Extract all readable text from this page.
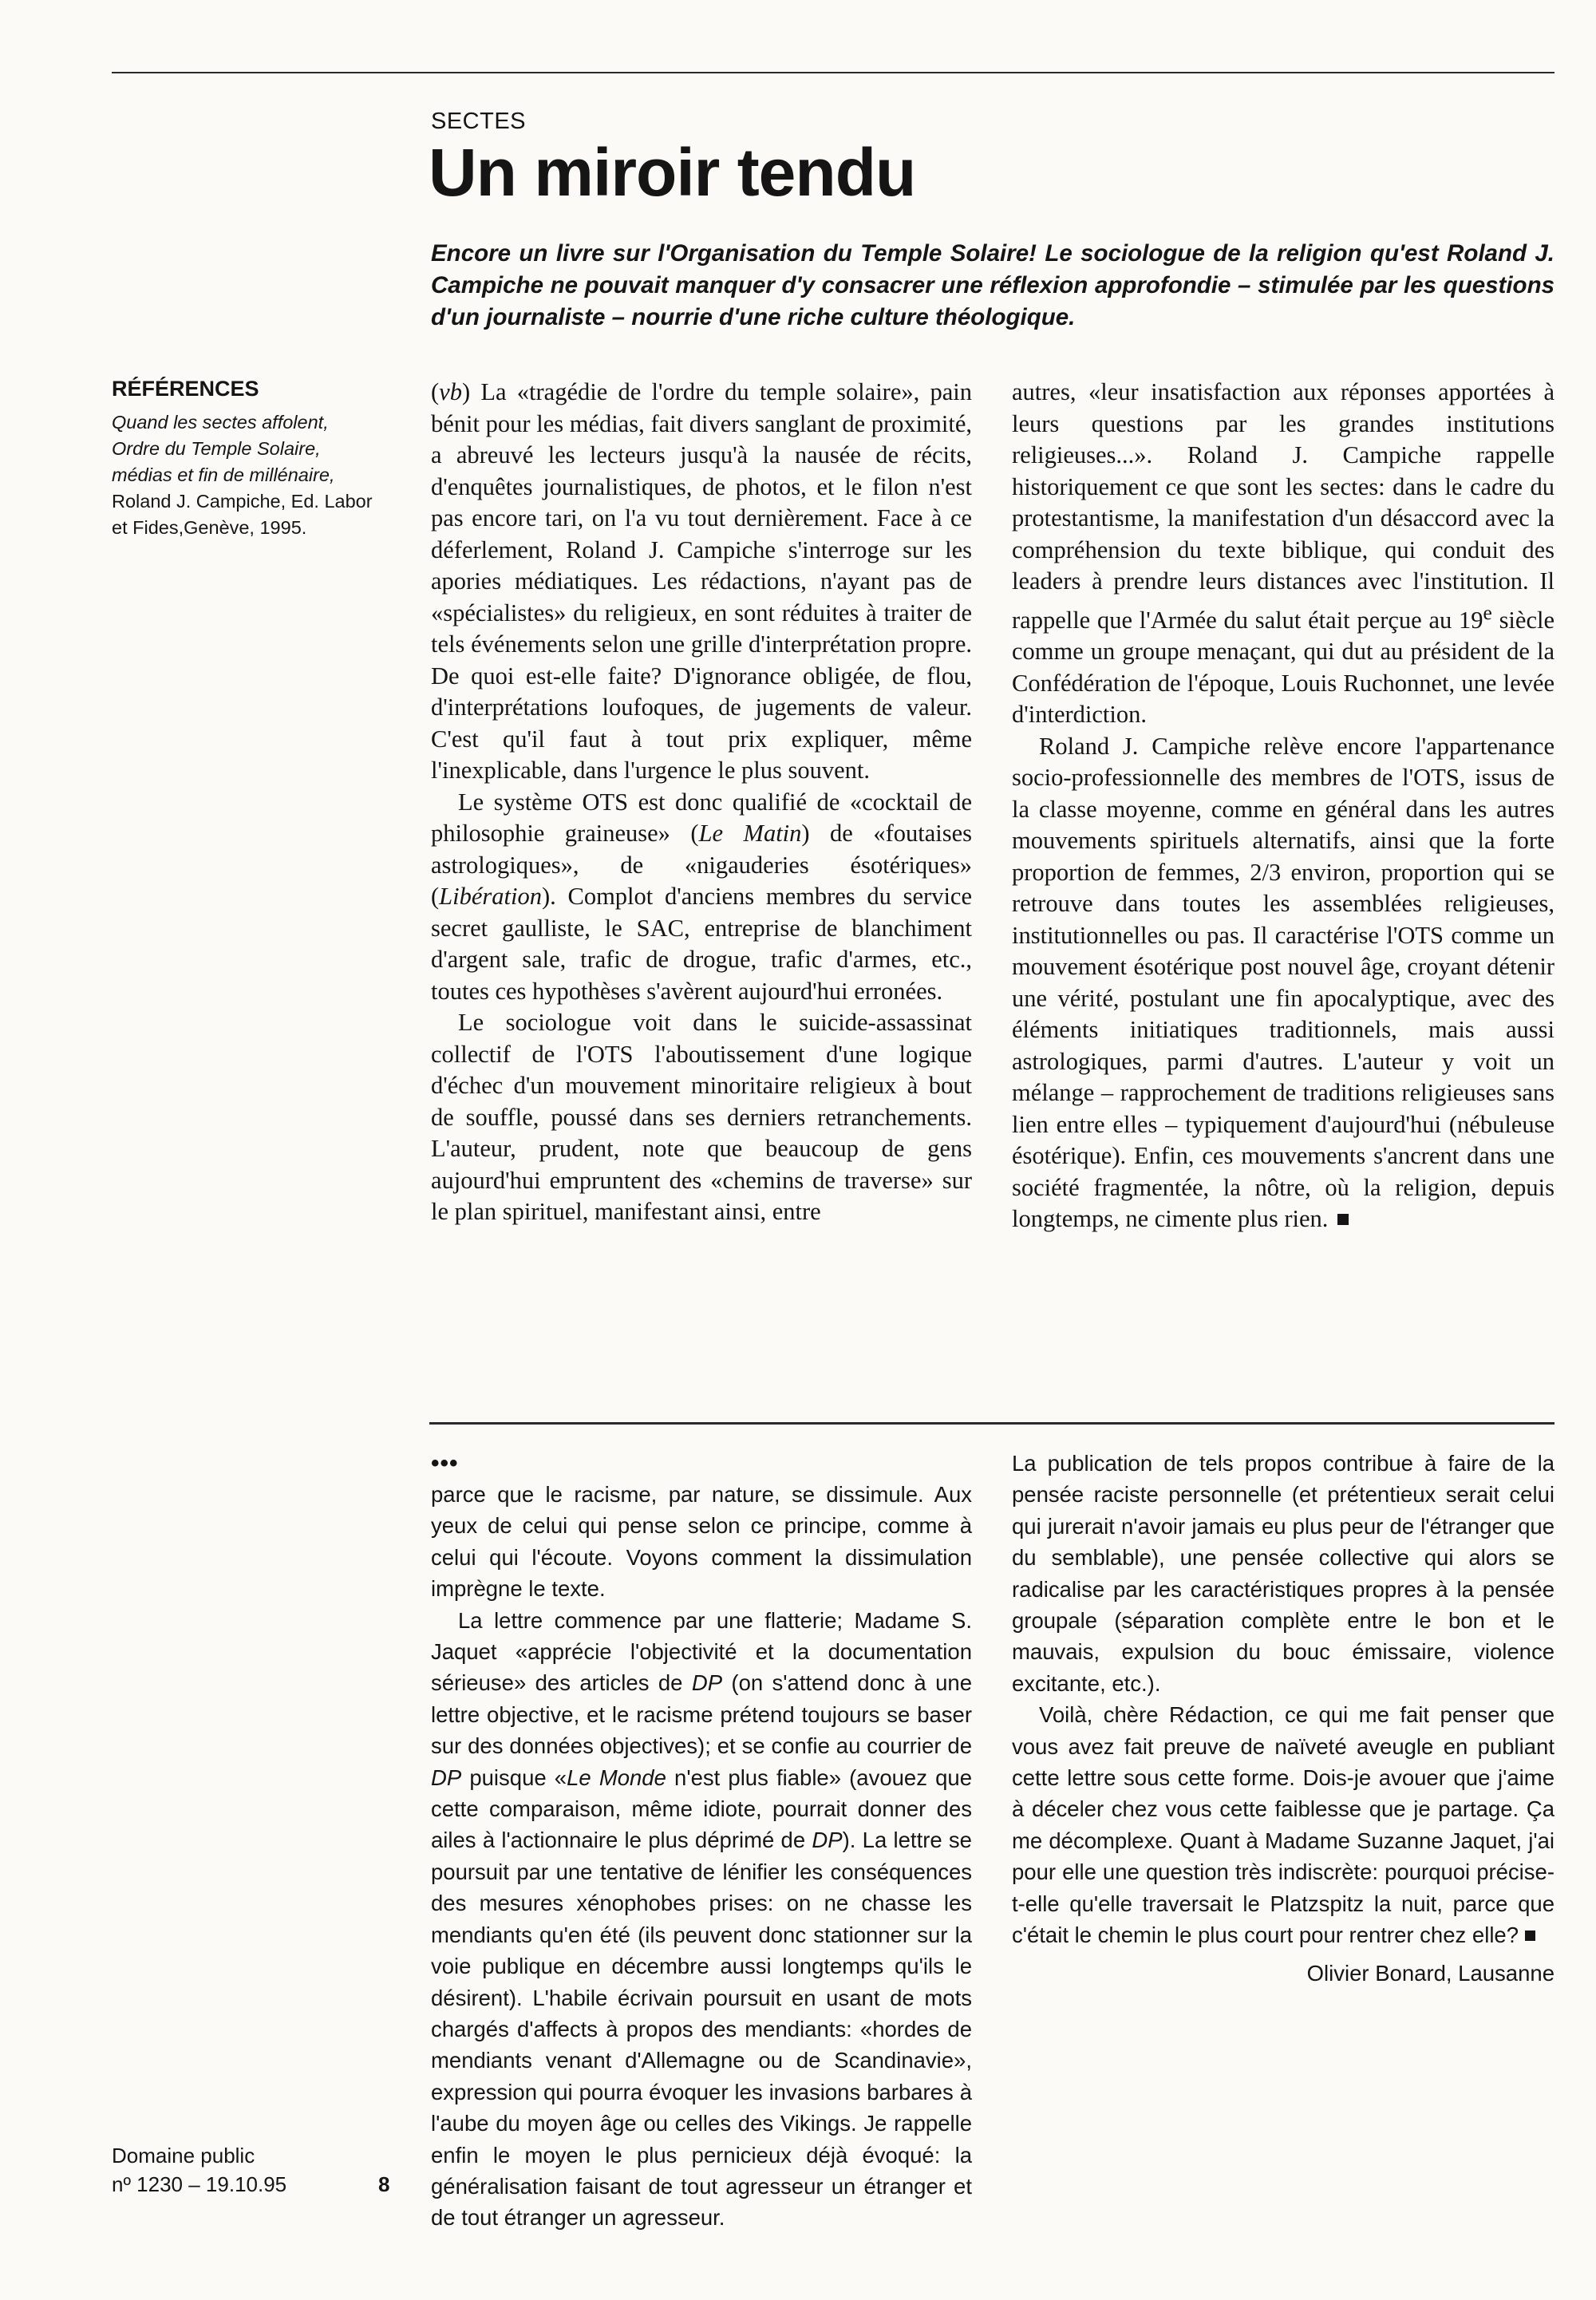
SECTES
Un miroir tendu

Encore un livre sur l'Organisation du Temple Solaire! Le sociologue de la religion qu'est Roland J. Campiche ne pouvait manquer d'y consacrer une réflexion approfondie – stimulée par les questions d'un journaliste – nourrie d'une riche culture théologique.

RÉFÉRENCES
Quand les sectes affolent, Ordre du Temple Solaire, médias et fin de millénaire, Roland J. Campiche, Ed. Labor et Fides,Genève, 1995.

(vb) La «tragédie de l'ordre du temple solaire», pain bénit pour les médias, fait divers sanglant de proximité, a abreuvé les lecteurs jusqu'à la nausée de récits, d'enquêtes journalistiques, de photos, et le filon n'est pas encore tari, on l'a vu tout dernièrement. Face à ce déferlement, Roland J. Campiche s'interroge sur les apories médiatiques. Les rédactions, n'ayant pas de «spécialistes» du religieux, en sont réduites à traiter de tels événements selon une grille d'interprétation propre. De quoi est-elle faite? D'ignorance obligée, de flou, d'interprétations loufoques, de jugements de valeur. C'est qu'il faut à tout prix expliquer, même l'inexplicable, dans l'urgence le plus souvent.

Le système OTS est donc qualifié de «cocktail de philosophie graineuse» (Le Matin) de «foutaises astrologiques», de «nigauderies ésotériques» (Libération). Complot d'anciens membres du service secret gaulliste, le SAC, entreprise de blanchiment d'argent sale, trafic de drogue, trafic d'armes, etc., toutes ces hypothèses s'avèrent aujourd'hui erronées.

Le sociologue voit dans le suicide-assassinat collectif de l'OTS l'aboutissement d'une logique d'échec d'un mouvement minoritaire religieux à bout de souffle, poussé dans ses derniers retranchements. L'auteur, prudent, note que beaucoup de gens aujourd'hui empruntent des «chemins de traverse» sur le plan spirituel, manifestant ainsi, entre

autres, «leur insatisfaction aux réponses apportées à leurs questions par les grandes institutions religieuses...». Roland J. Campiche rappelle historiquement ce que sont les sectes: dans le cadre du protestantisme, la manifestation d'un désaccord avec la compréhension du texte biblique, qui conduit des leaders à prendre leurs distances avec l'institution. Il rappelle que l'Armée du salut était perçue au 19e siècle comme un groupe menaçant, qui dut au président de la Confédération de l'époque, Louis Ruchonnet, une levée d'interdiction.

Roland J. Campiche relève encore l'appartenance socio-professionnelle des membres de l'OTS, issus de la classe moyenne, comme en général dans les autres mouvements spirituels alternatifs, ainsi que la forte proportion de femmes, 2/3 environ, proportion qui se retrouve dans toutes les assemblées religieuses, institutionnelles ou pas. Il caractérise l'OTS comme un mouvement ésotérique post nouvel âge, croyant détenir une vérité, postulant une fin apocalyptique, avec des éléments initiatiques traditionnels, mais aussi astrologiques, parmi d'autres. L'auteur y voit un mélange – rapprochement de traditions religieuses sans lien entre elles – typiquement d'aujourd'hui (nébuleuse ésotérique). Enfin, ces mouvements s'ancrent dans une société fragmentée, la nôtre, où la religion, depuis longtemps, ne cimente plus rien.

•••

parce que le racisme, par nature, se dissimule. Aux yeux de celui qui pense selon ce principe, comme à celui qui l'écoute. Voyons comment la dissimulation imprègne le texte.

La lettre commence par une flatterie; Madame S. Jaquet «apprécie l'objectivité et la documentation sérieuse» des articles de DP (on s'attend donc à une lettre objective, et le racisme prétend toujours se baser sur des données objectives); et se confie au courrier de DP puisque «Le Monde n'est plus fiable» (avouez que cette comparaison, même idiote, pourrait donner des ailes à l'actionnaire le plus déprimé de DP). La lettre se poursuit par une tentative de lénifier les conséquences des mesures xénophobes prises: on ne chasse les mendiants qu'en été (ils peuvent donc stationner sur la voie publique en décembre aussi longtemps qu'ils le désirent). L'habile écrivain poursuit en usant de mots chargés d'affects à propos des mendiants: «hordes de mendiants venant d'Allemagne ou de Scandinavie», expression qui pourra évoquer les invasions barbares à l'aube du moyen âge ou celles des Vikings. Je rappelle enfin le moyen le plus pernicieux déjà évoqué: la généralisation faisant de tout agresseur un étranger et de tout étranger un agresseur.

La publication de tels propos contribue à faire de la pensée raciste personnelle (et prétentieux serait celui qui jurerait n'avoir jamais eu plus peur de l'étranger que du semblable), une pensée collective qui alors se radicalise par les caractéristiques propres à la pensée groupale (séparation complète entre le bon et le mauvais, expulsion du bouc émissaire, violence excitante, etc.).

Voilà, chère Rédaction, ce qui me fait penser que vous avez fait preuve de naïveté aveugle en publiant cette lettre sous cette forme. Dois-je avouer que j'aime à déceler chez vous cette faiblesse que je partage. Ça me décomplexe. Quant à Madame Suzanne Jaquet, j'ai pour elle une question très indiscrète: pourquoi précise-t-elle qu'elle traversait le Platzspitz la nuit, parce que c'était le chemin le plus court pour rentrer chez elle?

Olivier Bonard, Lausanne

Domaine public
nº 1230 – 19.10.95	8
